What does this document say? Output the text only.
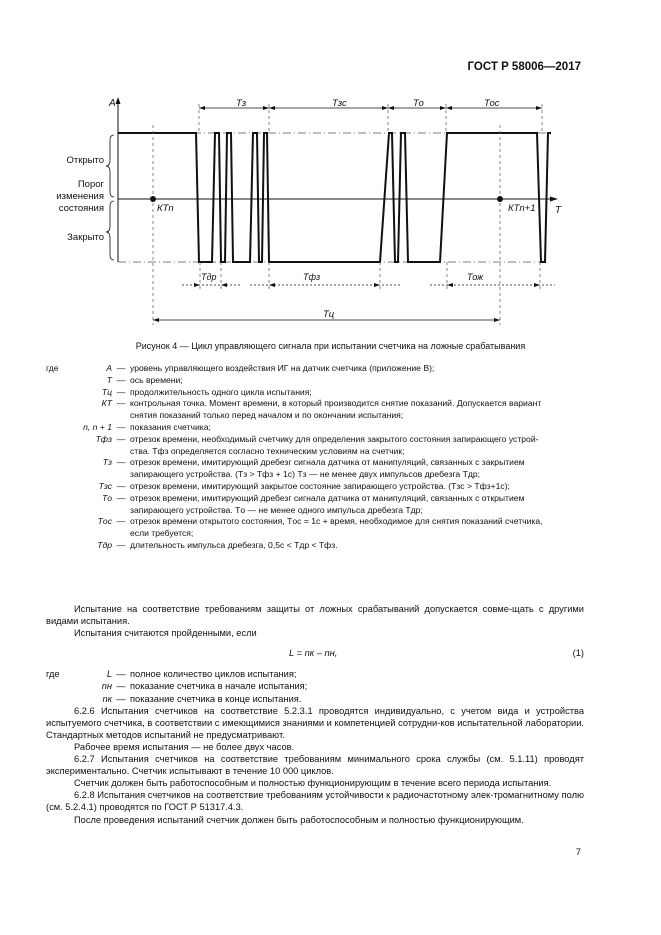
ГОСТ Р 58006—2017
A
T
Открыто
Порог
изменения
состояния
Закрыто
Тз	Тзс	То	Тос
КТn	КТn+1
Тдр	Тфз	Тож
Тц
Рисунок 4 — Цикл управляющего сигнала при испытании счетчика на ложные срабатывания
где	A — уровень управляющего воздействия ИГ на датчик счетчика (приложение В);
T — ось времени;
Tц — продолжительность одного цикла испытания;
КТ — контрольная точка. Момент времени, в который производится снятие показаний. Допускается вариант
снятия показаний только перед началом и по окончании испытания;
n, n + 1 — показания счетчика;
Tфз — отрезок времени, необходимый счетчику для определения закрытого состояния запирающего устрой-
ства. Tфз определяется согласно техническим условиям на счетчик;
Tз — отрезок времени, имитирующий дребезг сигнала датчика от манипуляций, связанных с закрытием
запирающего устройства. (Tз > Tфз + 1с) Tз — не менее двух импульсов дребезга Tдр;
Tзс — отрезок времени, имитирующий закрытое состояние запирающего устройства. (Tзс > Tфз+1с);
Tо — отрезок времени, имитирующий дребезг сигнала датчика от манипуляций, связанных с открытием
запирающего устройства. Tо — не менее одного импульса дребезга Tдр;
Tос — отрезок времени открытого состояния, Tос = 1с + время, необходимое для снятия показаний счетчика,
если требуется;
Tдр — длительность импульса дребезга, 0,5с < Tдр < Tфз.

Испытание на соответствие требованиям защиты от ложных срабатываний допускается совме-щать с другими видами испытания.

Испытания считаются пройденными, если

L = nк – nн,	(1)
где	L — полное количество циклов испытания;
nн — показание счетчика в начале испытания;
nк — показание счетчика в конце испытания.

6.2.6 Испытания счетчиков на соответствие 5.2.3.1 проводятся индивидуально, с учетом вида и устройства испытуемого счетчика, в соответствии с имеющимися знаниями и компетенцией сотрудни-ков испытательной лаборатории. Стандартных методов испытаний не предусматривают.

Рабочее время испытания — не более двух часов.

6.2.7 Испытания счетчиков на соответствие требованиям минимального срока службы (см. 5.1.11) проводят экспериментально. Счетчик испытывают в течение 10 000 циклов.

Счетчик должен быть работоспособным и полностью функционирующим в течение всего периода испытания.

6.2.8 Испытания счетчиков на соответствие требованиям устойчивости к радиочастотному элек-тромагнитному полю (см. 5.2.4.1) проводятся по ГОСТ Р 51317.4.3.

После проведения испытаний счетчик должен быть работоспособным и полностью функционирующим.

7
